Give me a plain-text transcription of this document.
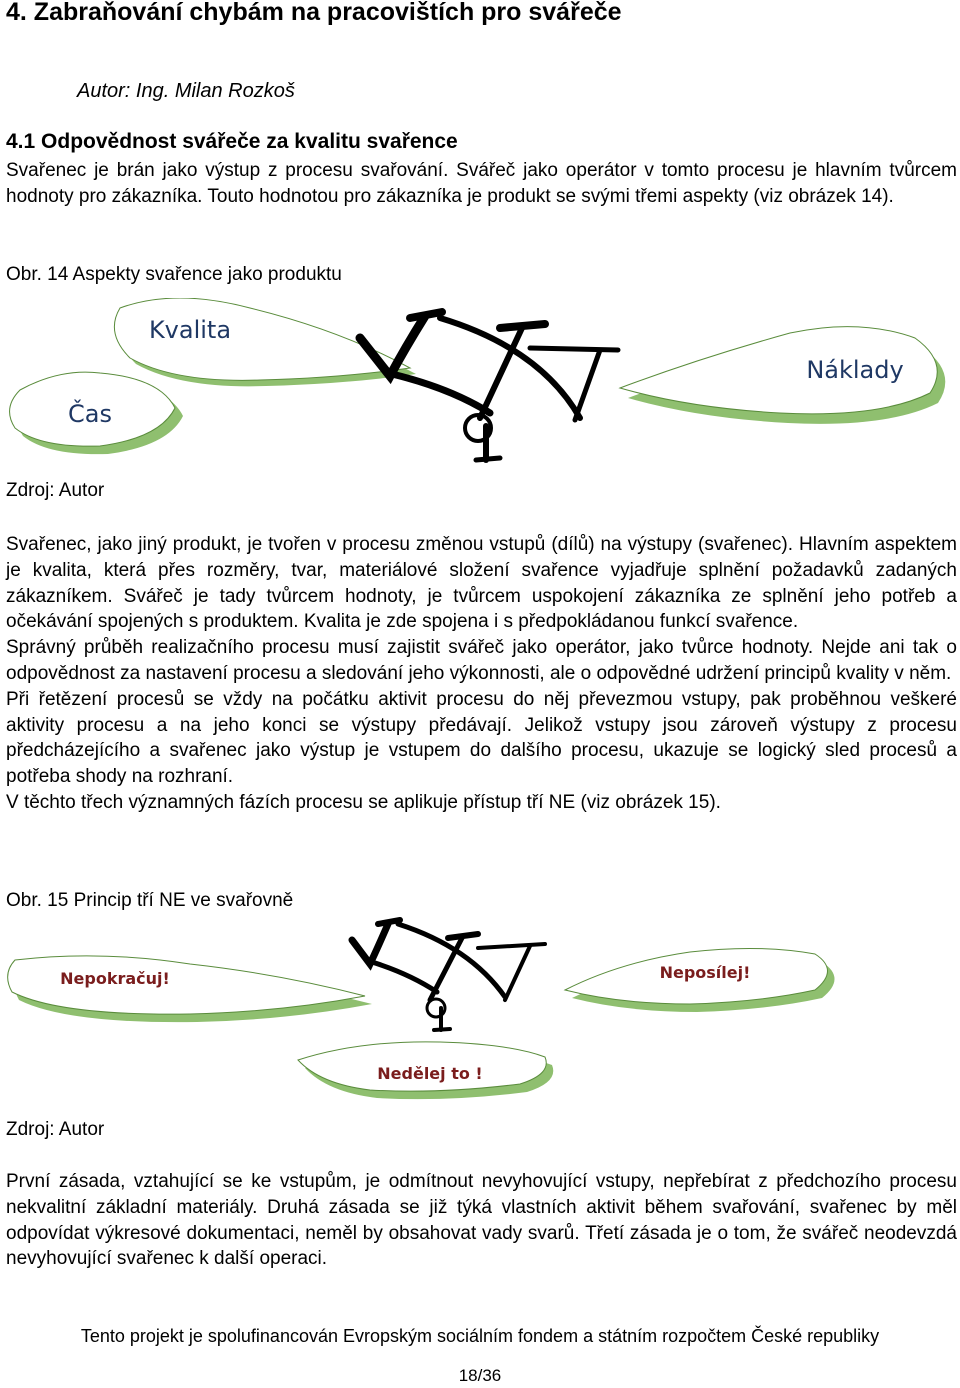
4. Zabraňování chybám na pracovištích pro svářeče
Autor: Ing. Milan Rozkoš
4.1 Odpovědnost svářeče za kvalitu svařence

Svařenec je brán jako výstup z procesu svařování. Svářeč jako operátor v tomto procesu je hlavním tvůrcem hodnoty pro zákazníka. Touto hodnotou pro zákazníka je produkt se svými třemi aspekty (viz obrázek 14).

Obr. 14 Aspekty svařence jako produktu
Kvalita
Čas
Náklady
Zdroj: Autor

Svařenec, jako jiný produkt, je tvořen v procesu změnou vstupů (dílů) na výstupy (svařenec). Hlavním aspektem je kvalita, která přes rozměry, tvar, materiálové složení svařence vyjadřuje splnění požadavků zadaných zákazníkem. Svářeč je tady tvůrcem hodnoty, je tvůrcem uspokojení zákazníka ze splnění jeho potřeb a očekávání spojených s produktem. Kvalita je zde spojena i s předpokládanou funkcí svařence.

Správný průběh realizačního procesu musí zajistit svářeč jako operátor, jako tvůrce hodnoty. Nejde ani tak o odpovědnost za nastavení procesu a sledování jeho výkonnosti, ale o odpovědné udržení principů kvality v něm.

Při řetězení procesů se vždy na počátku aktivit procesu do něj převezmou vstupy, pak proběhnou veškeré aktivity procesu a na jeho konci se výstupy předávají. Jelikož vstupy jsou zároveň výstupy z procesu předcházejícího a svařenec jako výstup je vstupem do dalšího procesu, ukazuje se logický sled procesů a potřeba shody na rozhraní.

V těchto třech významných fázích procesu se aplikuje přístup tří NE (viz obrázek 15).

Obr. 15 Princip tří NE ve svařovně
Nepokračuj!	Neposílej!
Nedělej to !
Zdroj: Autor

První zásada, vztahující se ke vstupům, je odmítnout nevyhovující vstupy, nepřebírat z předchozího procesu nekvalitní základní materiály. Druhá zásada se již týká vlastních aktivit během svařování, svařenec by měl odpovídat výkresové dokumentaci, neměl by obsahovat vady svarů. Třetí zásada je o tom, že svářeč neodevzdá nevyhovující svařenec k další operaci.

Tento projekt je spolufinancován Evropským sociálním fondem a státním rozpočtem České republiky
18/36
